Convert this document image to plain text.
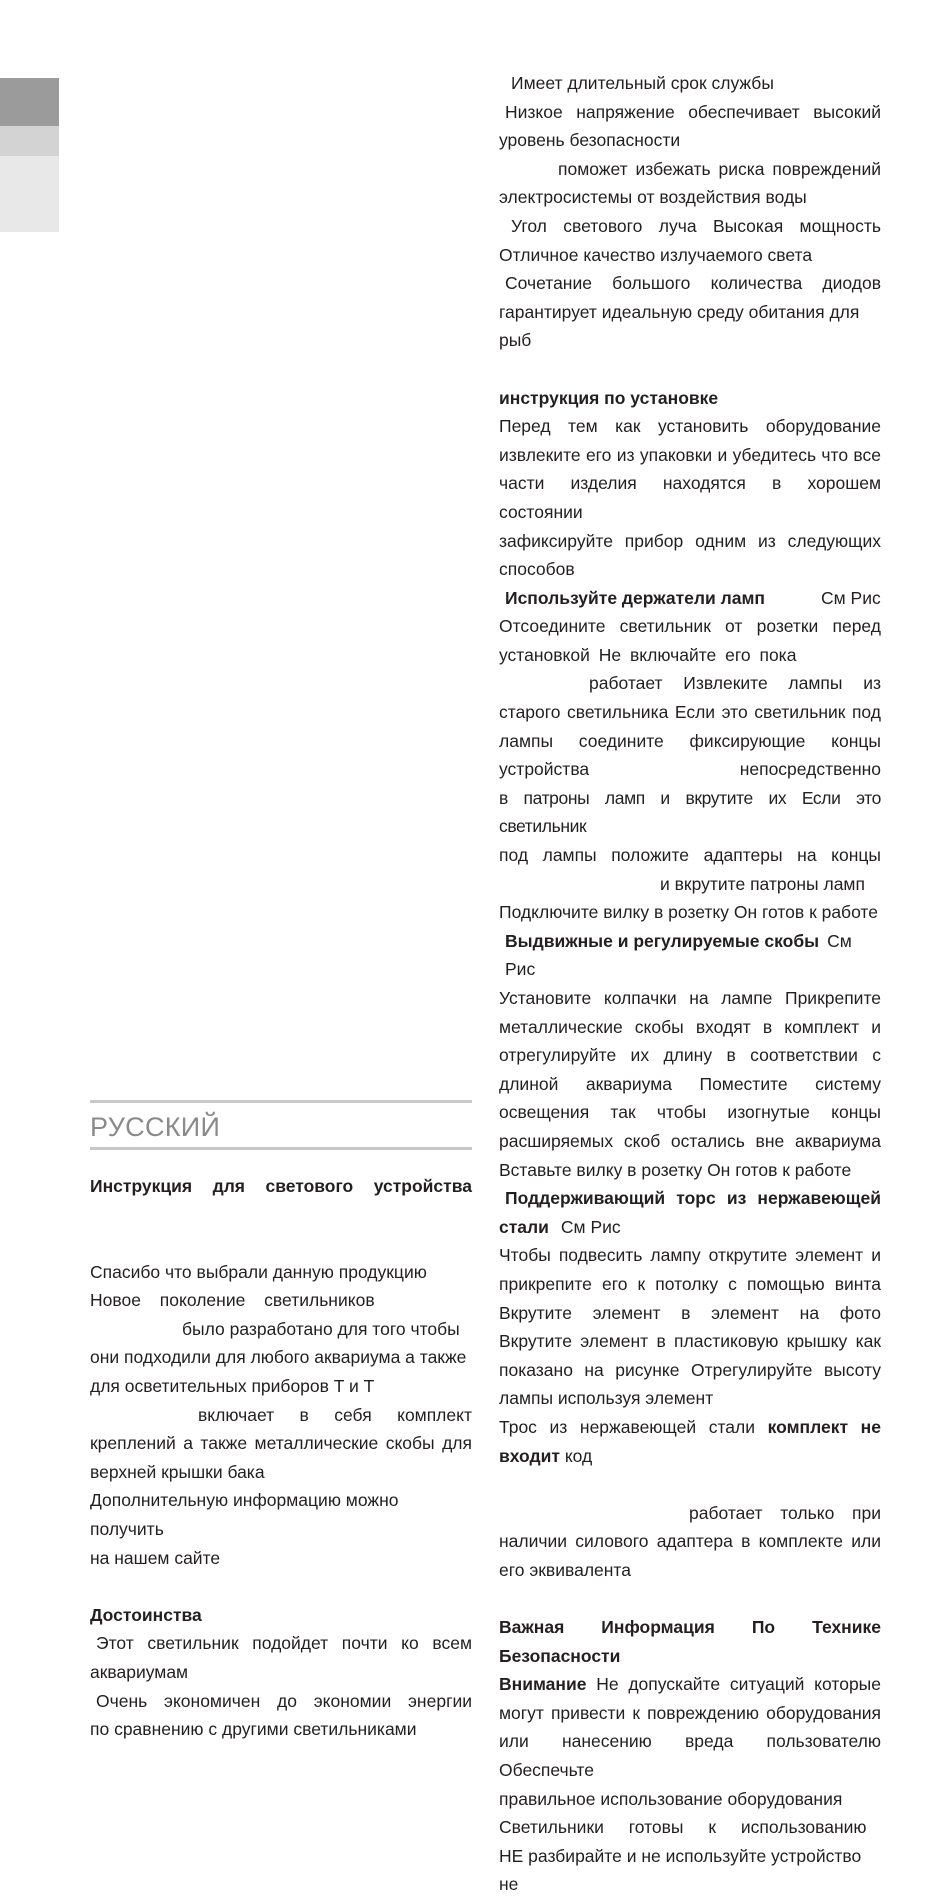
РУССКИЙ

Инструкция для светового устройства

Спасибо что выбрали данную продукцию

Новое поколение светильников

было разработано для того чтобы

они подходили для любого аквариума а также

для осветительных приборов T и T

включает в себя комплект

креплений а также металлические скобы для

верхней крышки бака

Дополнительную информацию можно получить

на нашем сайте

Достоинства

Этот светильник подойдет почти ко всем

аквариумам

Очень экономичен до экономии энергии

по сравнению с другими светильниками

Имеет длительный срок службы

Низкое напряжение обеспечивает высокий

уровень безопасности

поможет избежать риска повреждений

электросистемы от воздействия воды

Угол светового луча Высокая мощность

Отличное качество излучаемого света

Сочетание большого количества диодов

гарантирует идеальную среду обитания для рыб

инструкция по установке

Перед тем как установить оборудование

извлеките его из упаковки и убедитесь что все

части изделия находятся в хорошем состоянии

зафиксируйте прибор одним из следующих

способов

Используйте держатели ламп	См Рис

Отсоедините светильник от розетки перед

установкой Не включайте его пока

работает Извлеките лампы из

старого светильника Если это светильник под

лампы соедините фиксирующие концы

устройства непосредственно

в патроны ламп и вкрутите их Если это светильник

под лампы положите адаптеры на концы

и вкрутите патроны ламп

Подключите вилку в розетку Он готов к работе

Выдвижные и регулируемые скобы См Рис

Установите колпачки на лампе Прикрепите

металлические скобы входят в комплект и

отрегулируйте их длину в соответствии с

длиной аквариума Поместите систему

освещения так чтобы изогнутые концы

расширяемых скоб остались вне аквариума

Вставьте вилку в розетку Он готов к работе

Поддерживающий торс из нержавеющей

стали См Рис

Чтобы подвесить лампу открутите элемент и

прикрепите его к потолку с помощью винта

Вкрутите элемент в элемент на фото

Вкрутите элемент в пластиковую крышку как

показано на рисунке Отрегулируйте высоту

лампы используя элемент

Трос из нержавеющей стали комплект не

входит код

работает только при

наличии силового адаптера в комплекте или

его эквивалента

Важная Информация По Технике

Безопасности

Внимание Не допускайте ситуаций которые

могут привести к повреждению оборудования

или нанесению вреда пользователю Обеспечьте

правильное использование оборудования

Светильники готовы к использованию

НЕ разбирайте и не используйте устройство не
